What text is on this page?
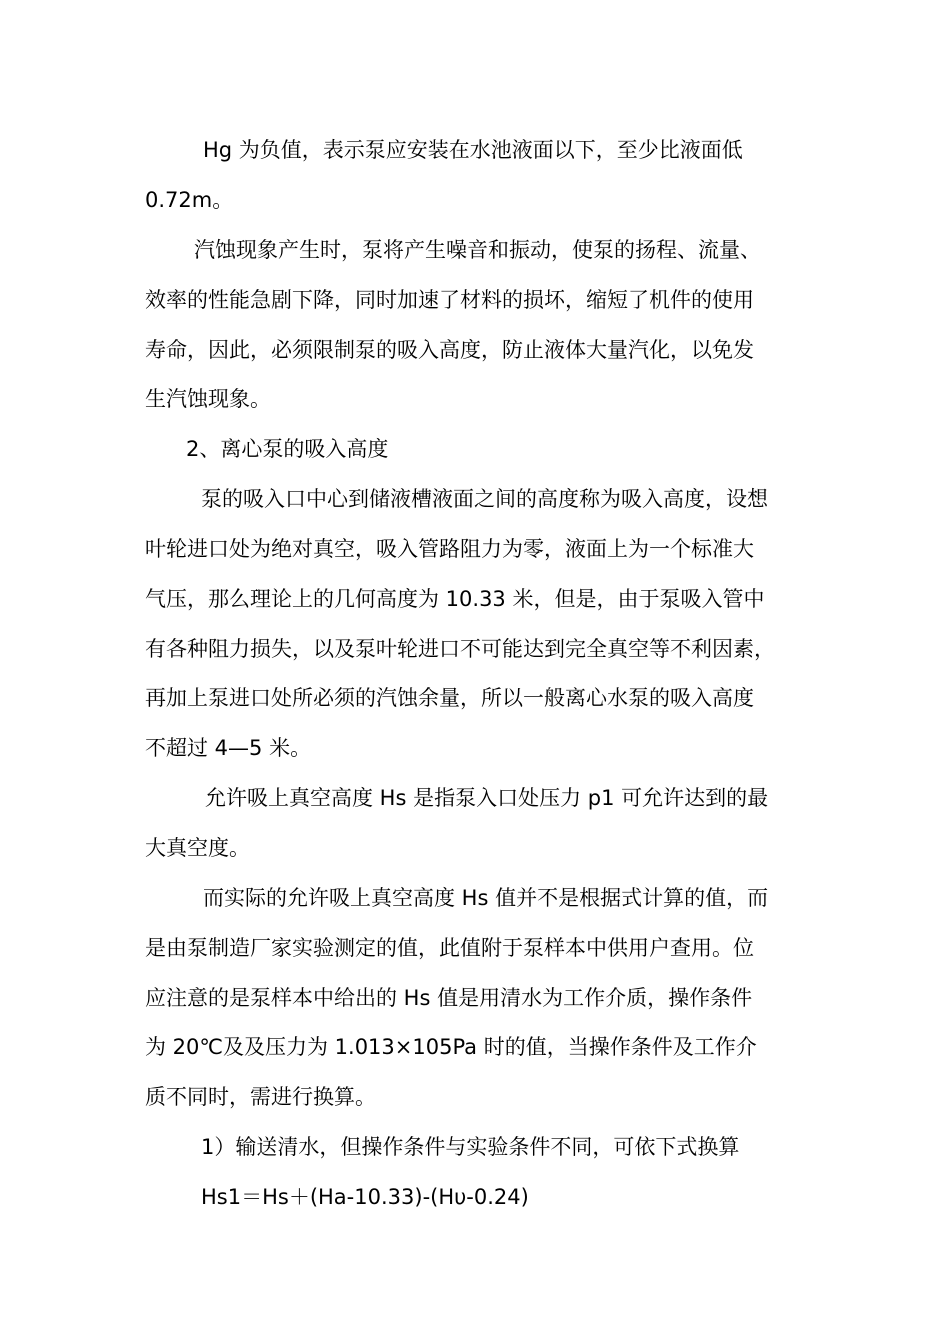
Hg 为负值，表示泵应安装在水池液面以下，至少比液面低
0.72m。
汽蚀现象产生时，泵将产生噪音和振动，使泵的扬程、流量、
效率的性能急剧下降，同时加速了材料的损坏，缩短了机件的使用
寿命，因此，必须限制泵的吸入高度，防止液体大量汽化，以免发
生汽蚀现象。
2、离心泵的吸入高度
泵的吸入口中心到储液槽液面之间的高度称为吸入高度，设想
叶轮进口处为绝对真空，吸入管路阻力为零，液面上为一个标准大
气压，那么理论上的几何高度为 10.33 米，但是，由于泵吸入管中
有各种阻力损失，以及泵叶轮进口不可能达到完全真空等不利因素，
再加上泵进口处所必须的汽蚀余量，所以一般离心水泵的吸入高度
不超过 4—5 米。
允许吸上真空高度 Hs 是指泵入口处压力 p1 可允许达到的最
大真空度。
而实际的允许吸上真空高度 Hs 值并不是根据式计算的值，而
是由泵制造厂家实验测定的值，此值附于泵样本中供用户查用。位
应注意的是泵样本中给出的 Hs 值是用清水为工作介质，操作条件
为 20℃及及压力为 1.013×105Pa 时的值，当操作条件及工作介
质不同时，需进行换算。
1）输送清水，但操作条件与实验条件不同，可依下式换算
Hs1＝Hs＋(Ha-10.33)-(Hυ-0.24)
